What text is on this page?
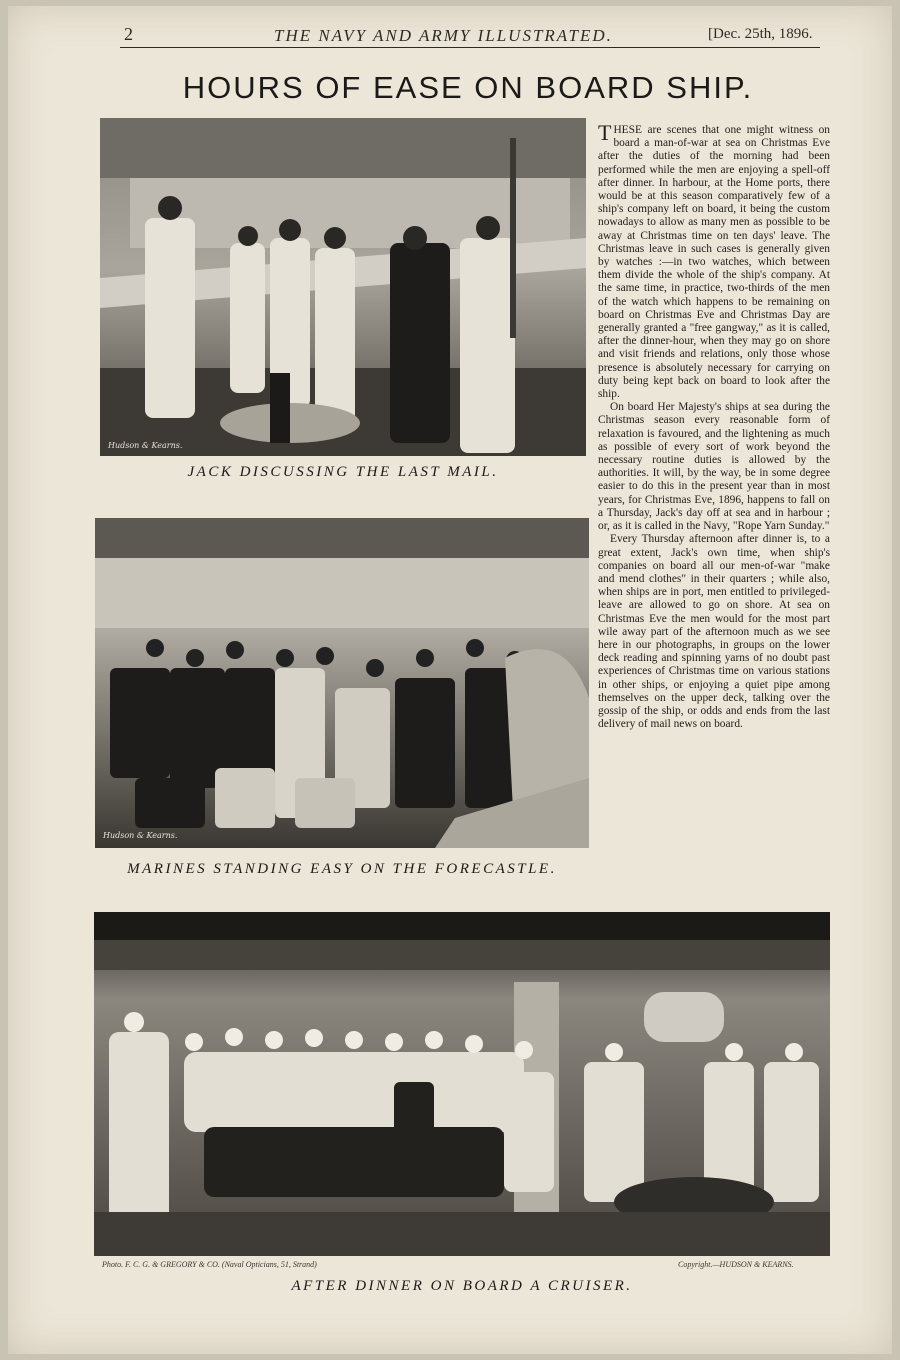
2	THE NAVY AND ARMY ILLUSTRATED.	[Dec. 25th, 1896.
HOURS OF EASE ON BOARD SHIP.
Hudson & Kearns.
JACK DISCUSSING THE LAST MAIL.
Hudson & Kearns.
MARINES STANDING EASY ON THE FORECASTLE.

THESE are scenes that one might witness on board a man-of-war at sea on Christmas Eve after the duties of the morning had been performed while the men are enjoying a spell-off after dinner. In harbour, at the Home ports, there would be at this season comparatively few of a ship's company left on board, it being the custom nowadays to allow as many men as possible to be away at Christmas time on ten days' leave. The Christmas leave in such cases is generally given by watches :—in two watches, which between them divide the whole of the ship's company. At the same time, in practice, two-thirds of the men of the watch which happens to be remaining on board on Christmas Eve and Christmas Day are generally granted a "free gangway," as it is called, after the dinner-hour, when they may go on shore and visit friends and relations, only those whose presence is absolutely necessary for carrying on duty being kept back on board to look after the ship.

On board Her Majesty's ships at sea during the Christmas season every reasonable form of relaxation is favoured, and the lightening as much as possible of every sort of work beyond the necessary routine duties is allowed by the authorities. It will, by the way, be in some degree easier to do this in the present year than in most years, for Christmas Eve, 1896, happens to fall on a Thursday, Jack's day off at sea and in harbour ; or, as it is called in the Navy, "Rope Yarn Sunday."

Every Thursday afternoon after dinner is, to a great extent, Jack's own time, when ship's companies on board all our men-of-war "make and mend clothes" in their quarters ; while also, when ships are in port, men entitled to privileged-leave are allowed to go on shore. At sea on Christmas Eve the men would for the most part wile away part of the afternoon much as we see here in our photographs, in groups on the lower deck reading and spinning yarns of no doubt past experiences of Christmas time on various stations in other ships, or enjoying a quiet pipe among themselves on the upper deck, talking over the gossip of the ship, or odds and ends from the last delivery of mail news on board.

Photo. F. C. G. & GREGORY & CO. (Naval Opticians, 51, Strand)	Copyright.—HUDSON & KEARNS.
AFTER DINNER ON BOARD A CRUISER.
